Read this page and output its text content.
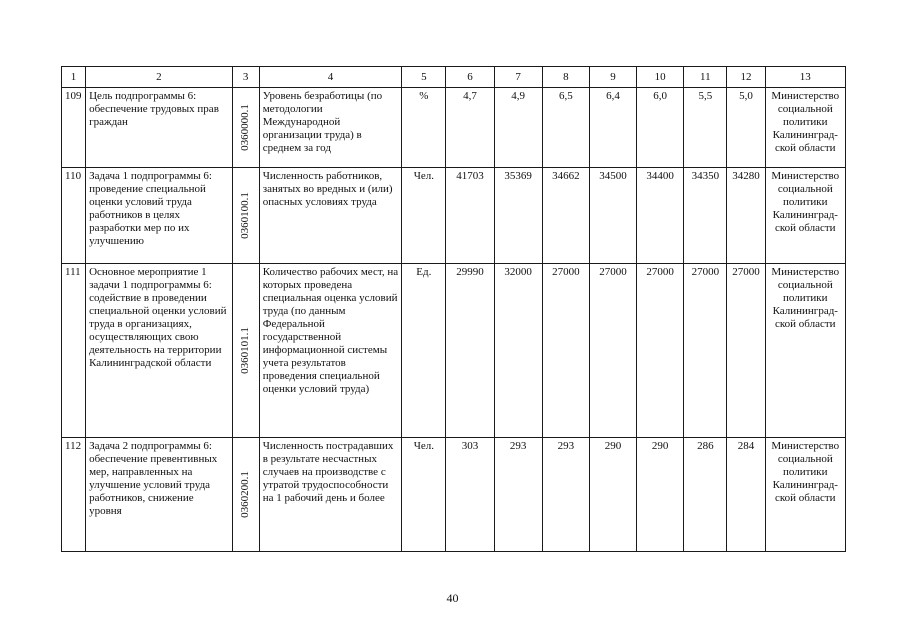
1	2	3	4	5	6	7	8	9	10	11	12	13
109	Цель подпрограммы 6: обеспечение трудовых прав граждан	0360000.1	Уровень безработицы (по методологии Международной организации труда) в среднем за год	%	4,7	4,9	6,5	6,4	6,0	5,5	5,0	Министерство социальной политики Калининград-ской области
110	Задача 1 подпрограммы 6: проведение специальной оценки условий труда работников в целях разработки мер по их улучшению	0360100.1	Численность работников, занятых во вредных и (или) опасных условиях труда	Чел.	41703	35369	34662	34500	34400	34350	34280	Министерство социальной политики Калининград-ской области
111	Основное мероприятие 1 задачи 1 подпрограммы 6: содействие в проведении специальной оценки условий труда в организациях, осуществляющих свою деятельность на территории Калининградской области	0360101.1	Количество рабочих мест, на которых проведена специальная оценка условий труда (по данным Федеральной государственной информационной системы учета результатов проведения специальной оценки условий труда)	Ед.	29990	32000	27000	27000	27000	27000	27000	Министерство социальной политики Калининград-ской области
112	Задача 2 подпрограммы 6: обеспечение превентивных мер, направленных на улучшение условий труда работников, снижение уровня	0360200.1	Численность пострадавших в результате несчастных случаев на производстве с утратой трудоспособности на 1 рабочий день и более	Чел.	303	293	293	290	290	286	284	Министерство социальной политики Калининград-ской области
40
